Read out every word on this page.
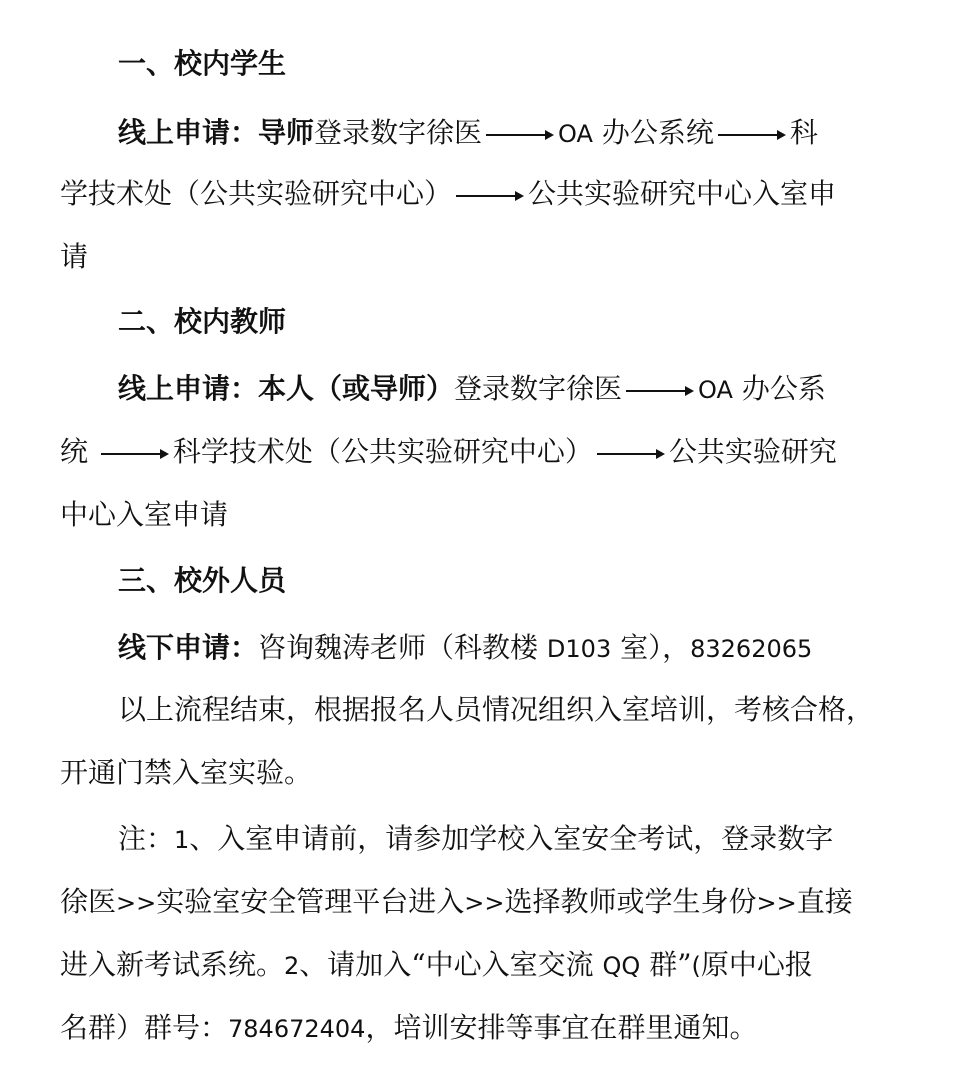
一、校内学生
线上申请：导师登录数字徐医	OA 办公系统	科
学技术处（公共实验研究中心）	公共实验研究中心入室申
请
二、校内教师
线上申请：本人（或导师）登录数字徐医	OA 办公系
统	科学技术处（公共实验研究中心）	公共实验研究
中心入室申请
三、校外人员
线下申请：咨询魏涛老师（科教楼 D103 室），83262065
以上流程结束，根据报名人员情况组织入室培训，考核合格，
开通门禁入室实验。
注：1、入室申请前，请参加学校入室安全考试，登录数字
徐医>>实验室安全管理平台进入>>选择教师或学生身份>>直接
进入新考试系统。2、请加入“中心入室交流 QQ 群”(原中心报
名群）群号：784672404，培训安排等事宜在群里通知。
